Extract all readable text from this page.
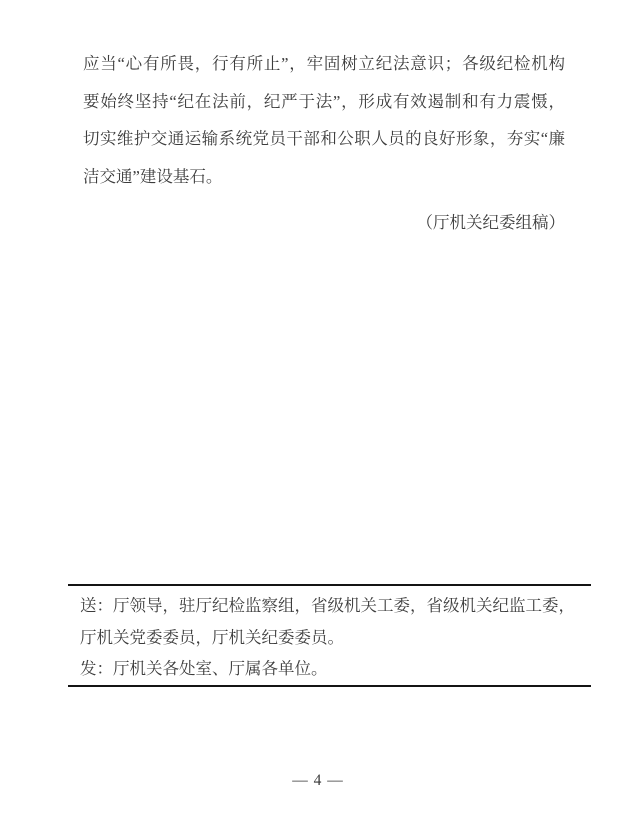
应当“心有所畏，行有所止”，牢固树立纪法意识；各级纪检机构
要始终坚持“纪在法前，纪严于法”，形成有效遏制和有力震慑，
切实维护交通运输系统党员干部和公职人员的良好形象，夯实“廉
洁交通”建设基石。
（厅机关纪委组稿）
送：厅领导，驻厅纪检监察组，省级机关工委，省级机关纪监工委，
厅机关党委委员，厅机关纪委委员。
发：厅机关各处室、厅属各单位。
— 4 —
